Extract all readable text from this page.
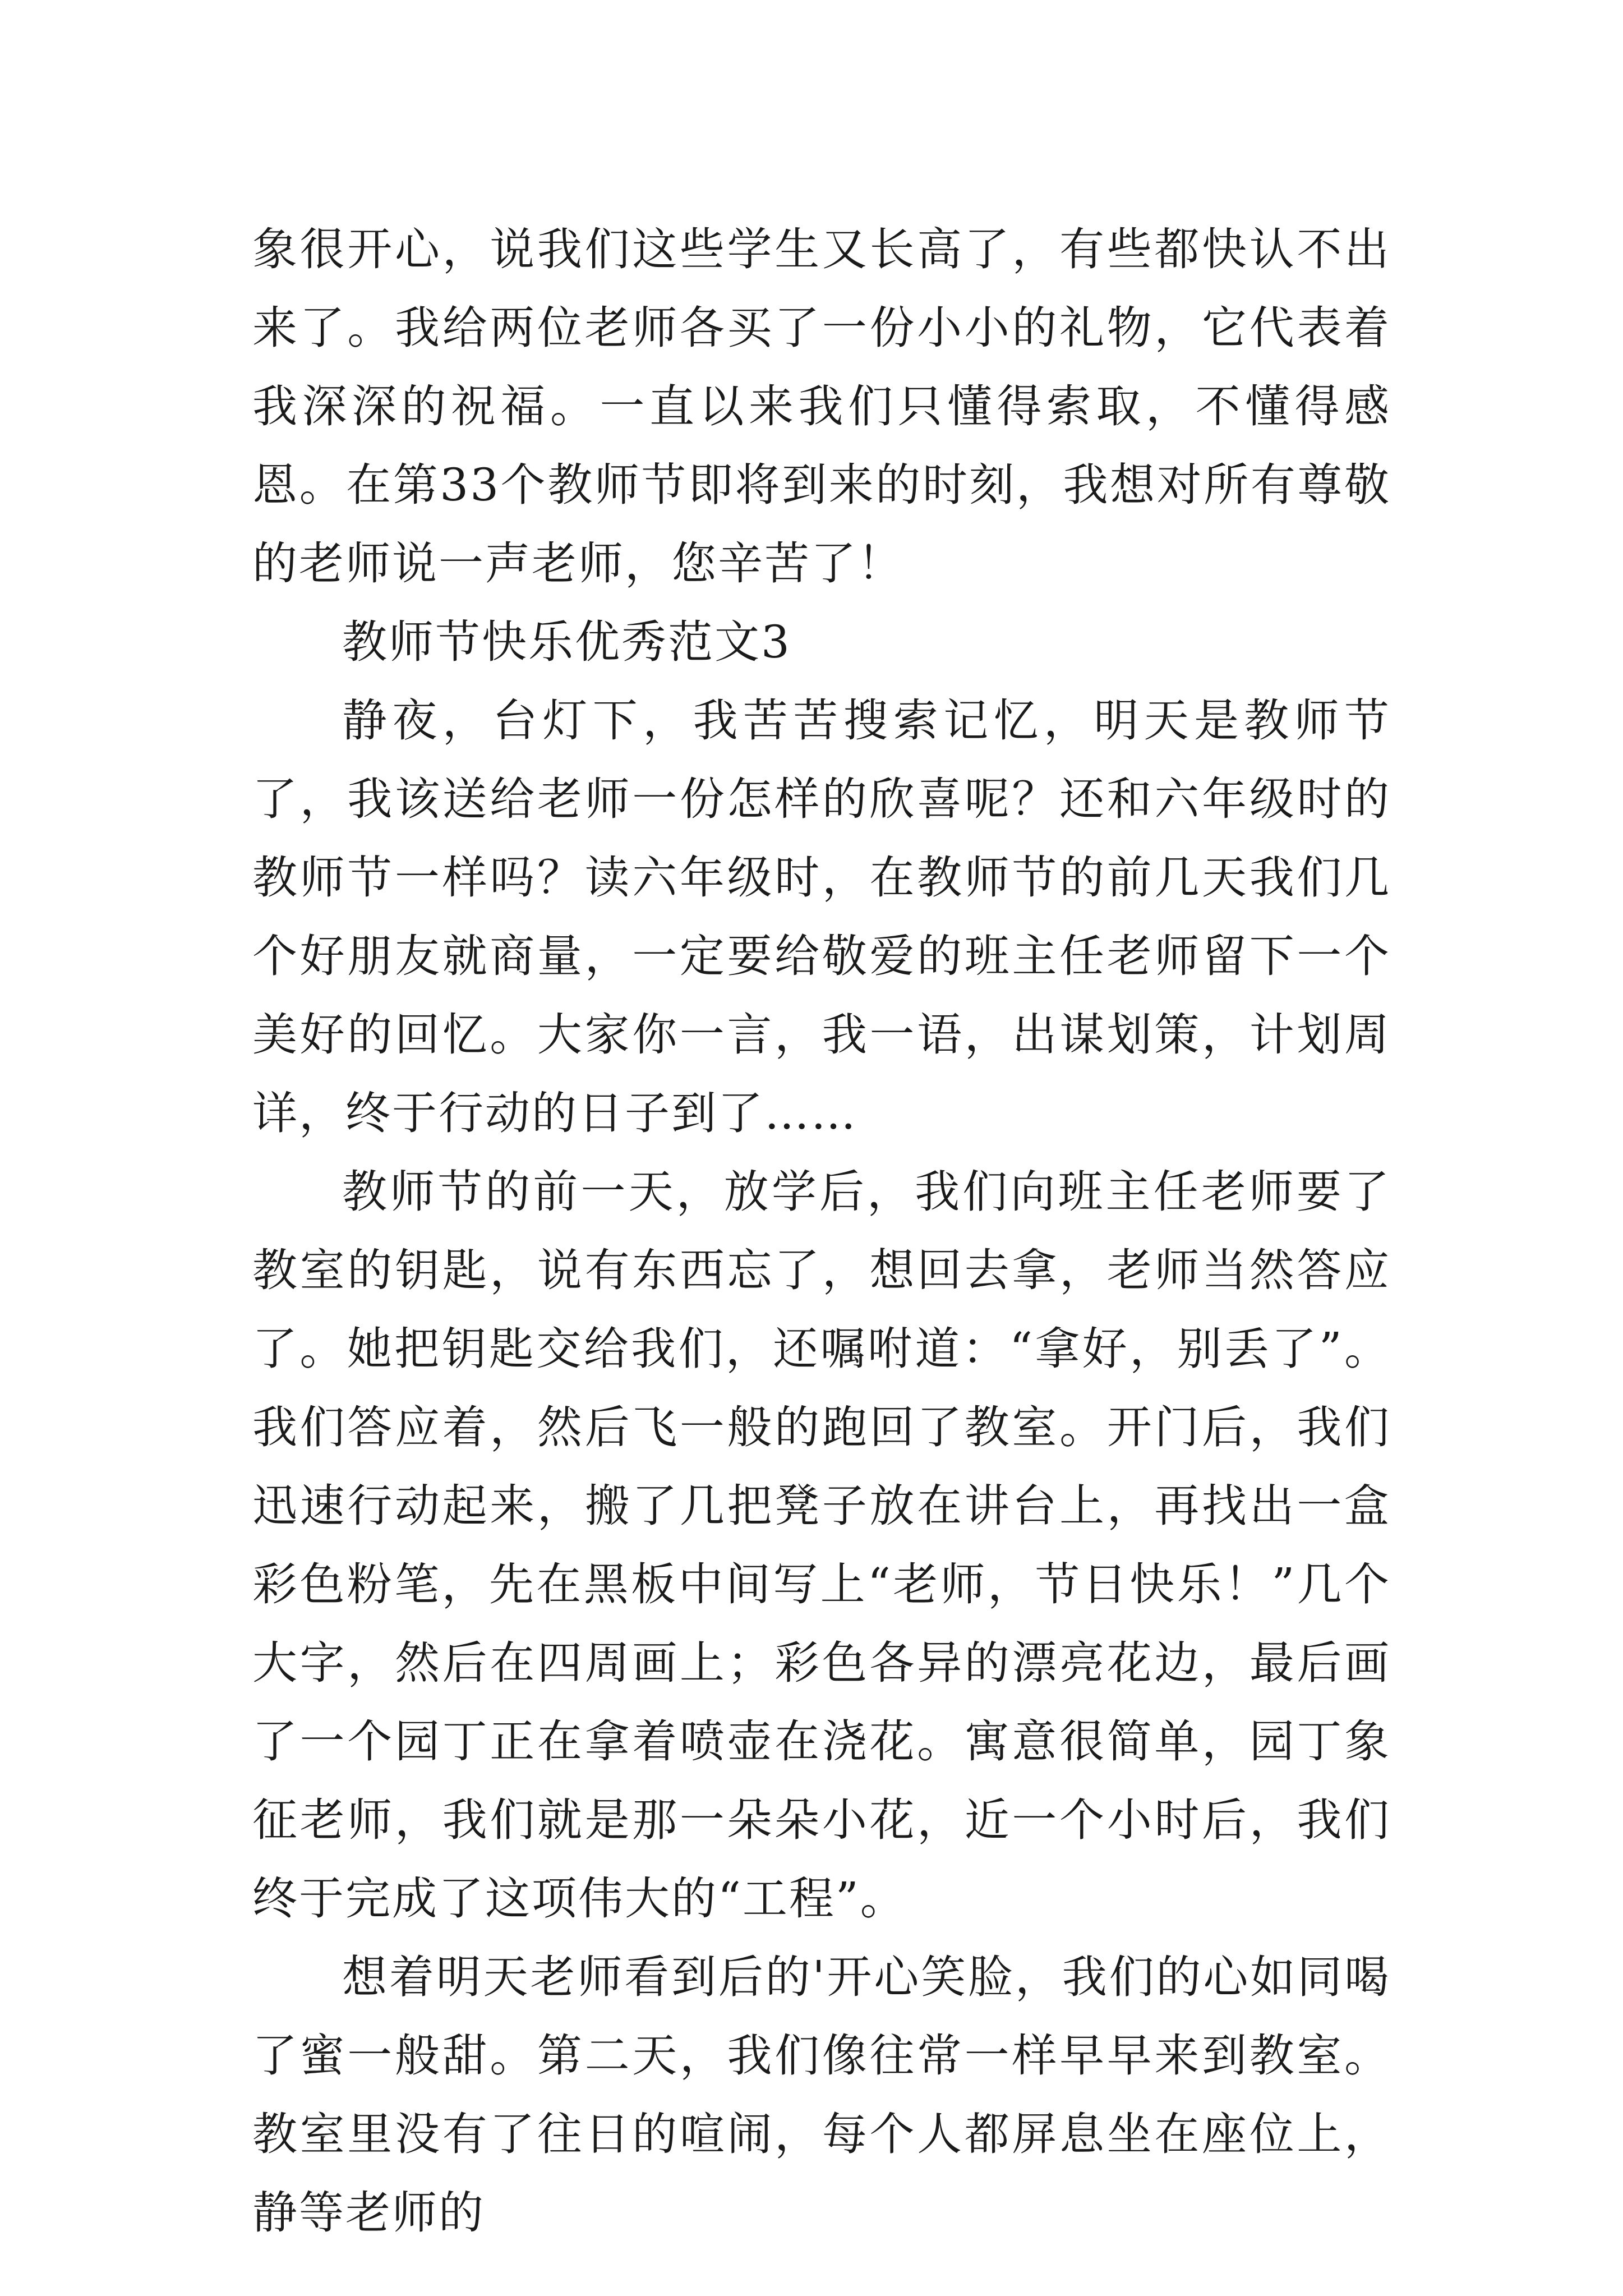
象很开心，说我们这些学生又长高了，有些都快认不出来了。我给两位老师各买了一份小小的礼物，它代表着我深深的祝福。一直以来我们只懂得索取，不懂得感恩。在第33个教师节即将到来的时刻，我想对所有尊敬的老师说一声老师，您辛苦了！

教师节快乐优秀范文3

静夜，台灯下，我苦苦搜索记忆，明天是教师节了，我该送给老师一份怎样的欣喜呢？还和六年级时的教师节一样吗？读六年级时，在教师节的前几天我们几个好朋友就商量，一定要给敬爱的班主任老师留下一个美好的回忆。大家你一言，我一语，出谋划策，计划周详，终于行动的日子到了……

教师节的前一天，放学后，我们向班主任老师要了教室的钥匙，说有东西忘了，想回去拿，老师当然答应了。她把钥匙交给我们，还嘱咐道：“拿好，别丢了”。我们答应着，然后飞一般的跑回了教室。开门后，我们迅速行动起来，搬了几把凳子放在讲台上，再找出一盒彩色粉笔，先在黑板中间写上“老师，节日快乐！”几个大字，然后在四周画上；彩色各异的漂亮花边，最后画了一个园丁正在拿着喷壶在浇花。寓意很简单，园丁象征老师，我们就是那一朵朵小花，近一个小时后，我们终于完成了这项伟大的“工程”。

想着明天老师看到后的'开心笑脸，我们的心如同喝了蜜一般甜。第二天，我们像往常一样早早来到教室。教室里没有了往日的喧闹，每个人都屏息坐在座位上，静等老师的
